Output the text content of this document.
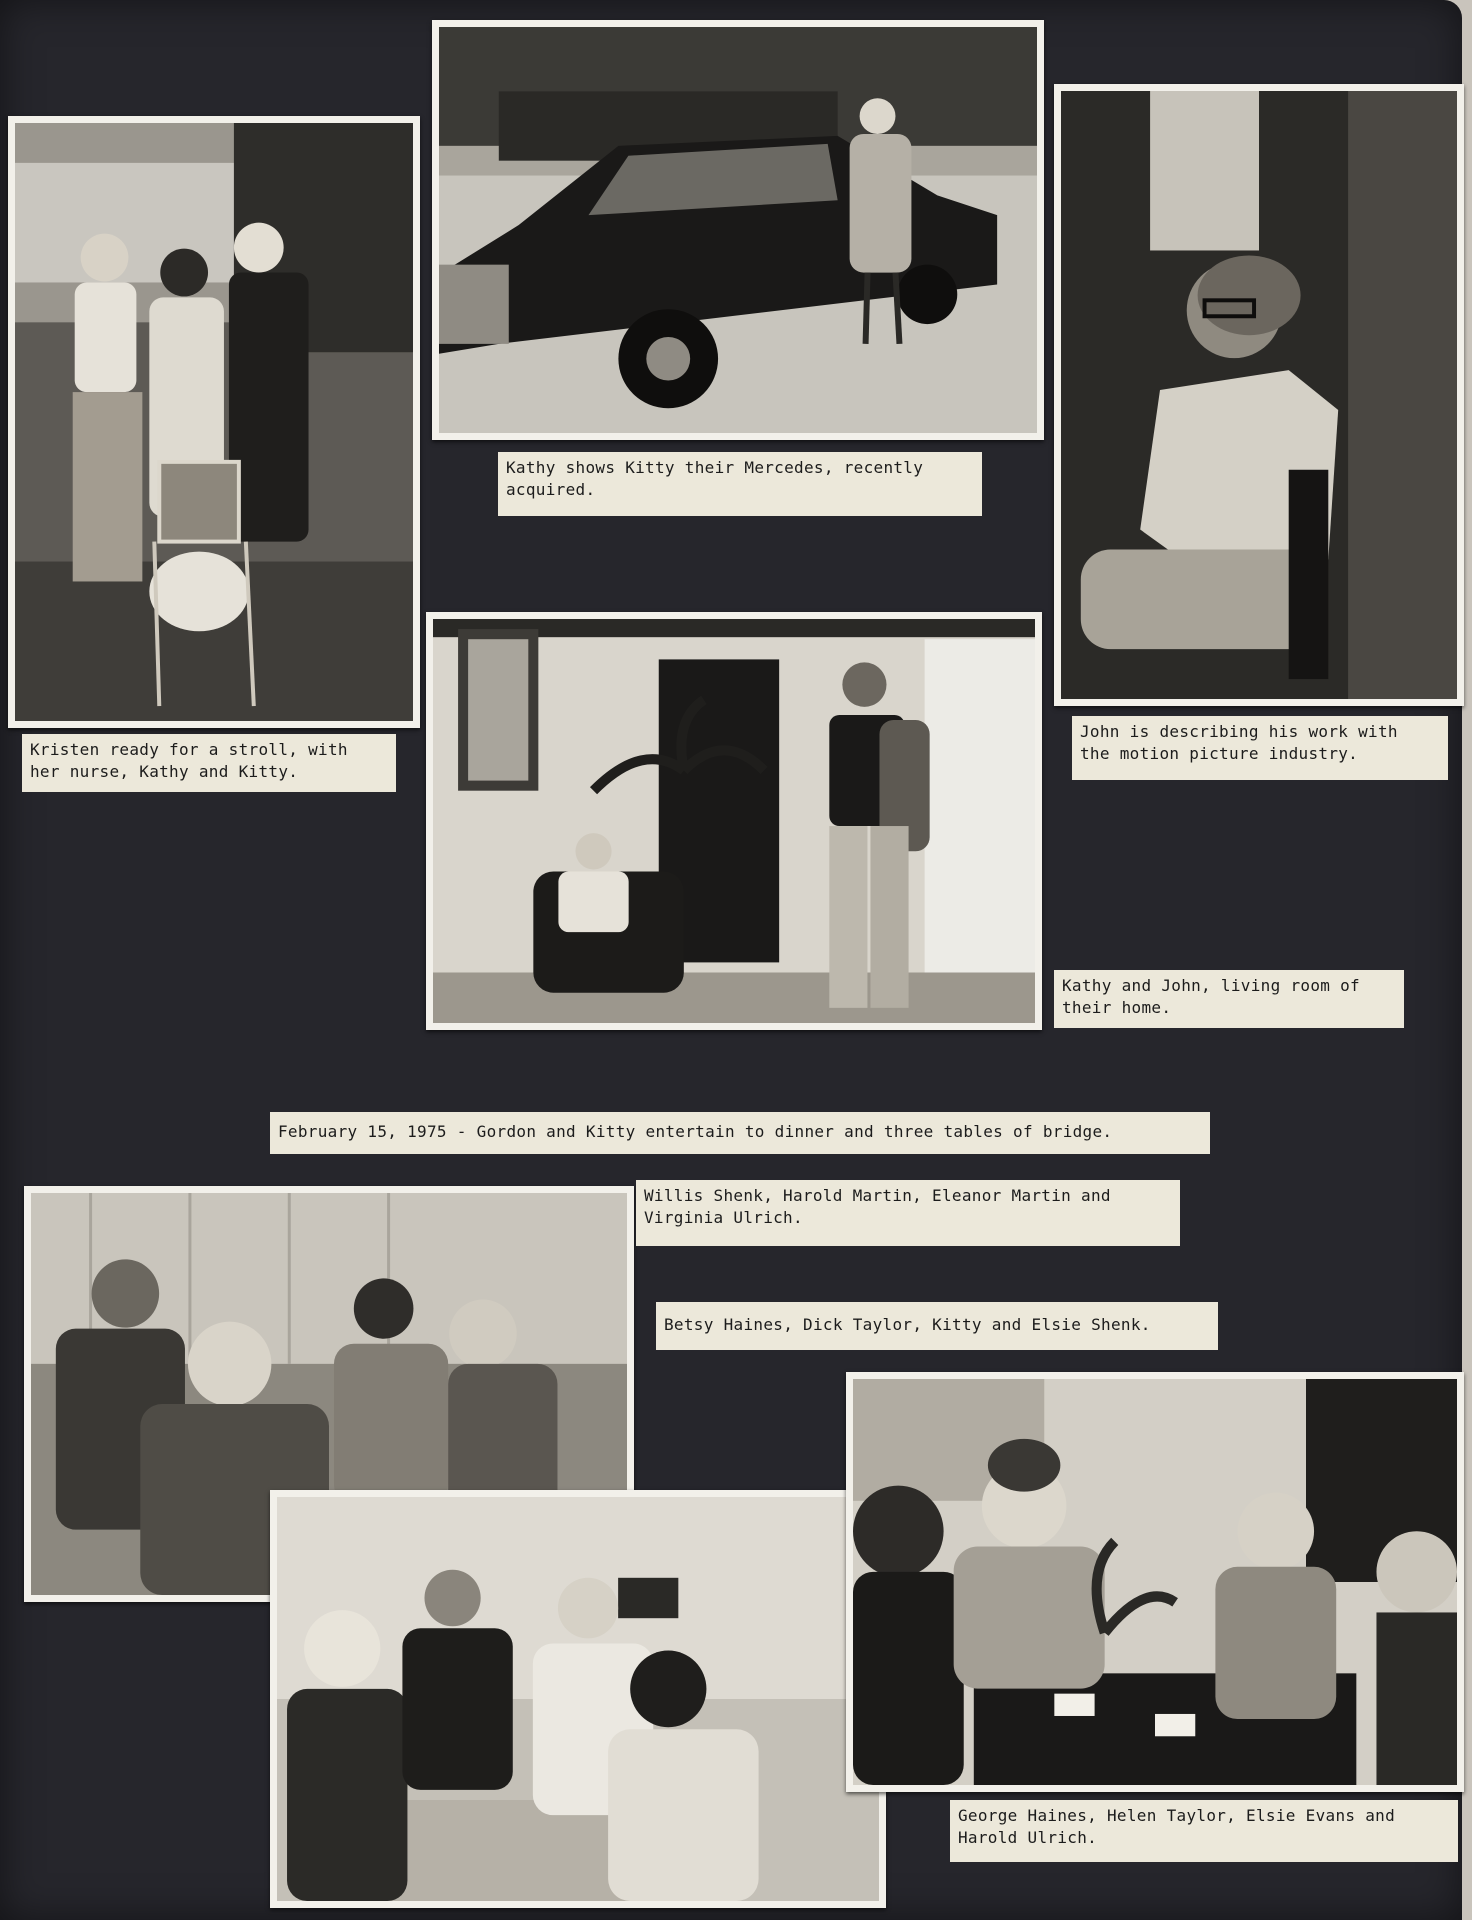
Kristen ready for a stroll, with
her nurse, Kathy and Kitty.
Kathy shows Kitty their Mercedes, recently
acquired.
John is describing his work with
the motion picture industry.
Kathy and John, living room of
their home.
February 15, 1975 - Gordon and Kitty entertain to dinner and three tables of bridge.
Willis Shenk, Harold Martin, Eleanor Martin and
Virginia Ulrich.
Betsy Haines, Dick Taylor, Kitty and Elsie Shenk.
George Haines, Helen Taylor, Elsie Evans and
Harold Ulrich.
